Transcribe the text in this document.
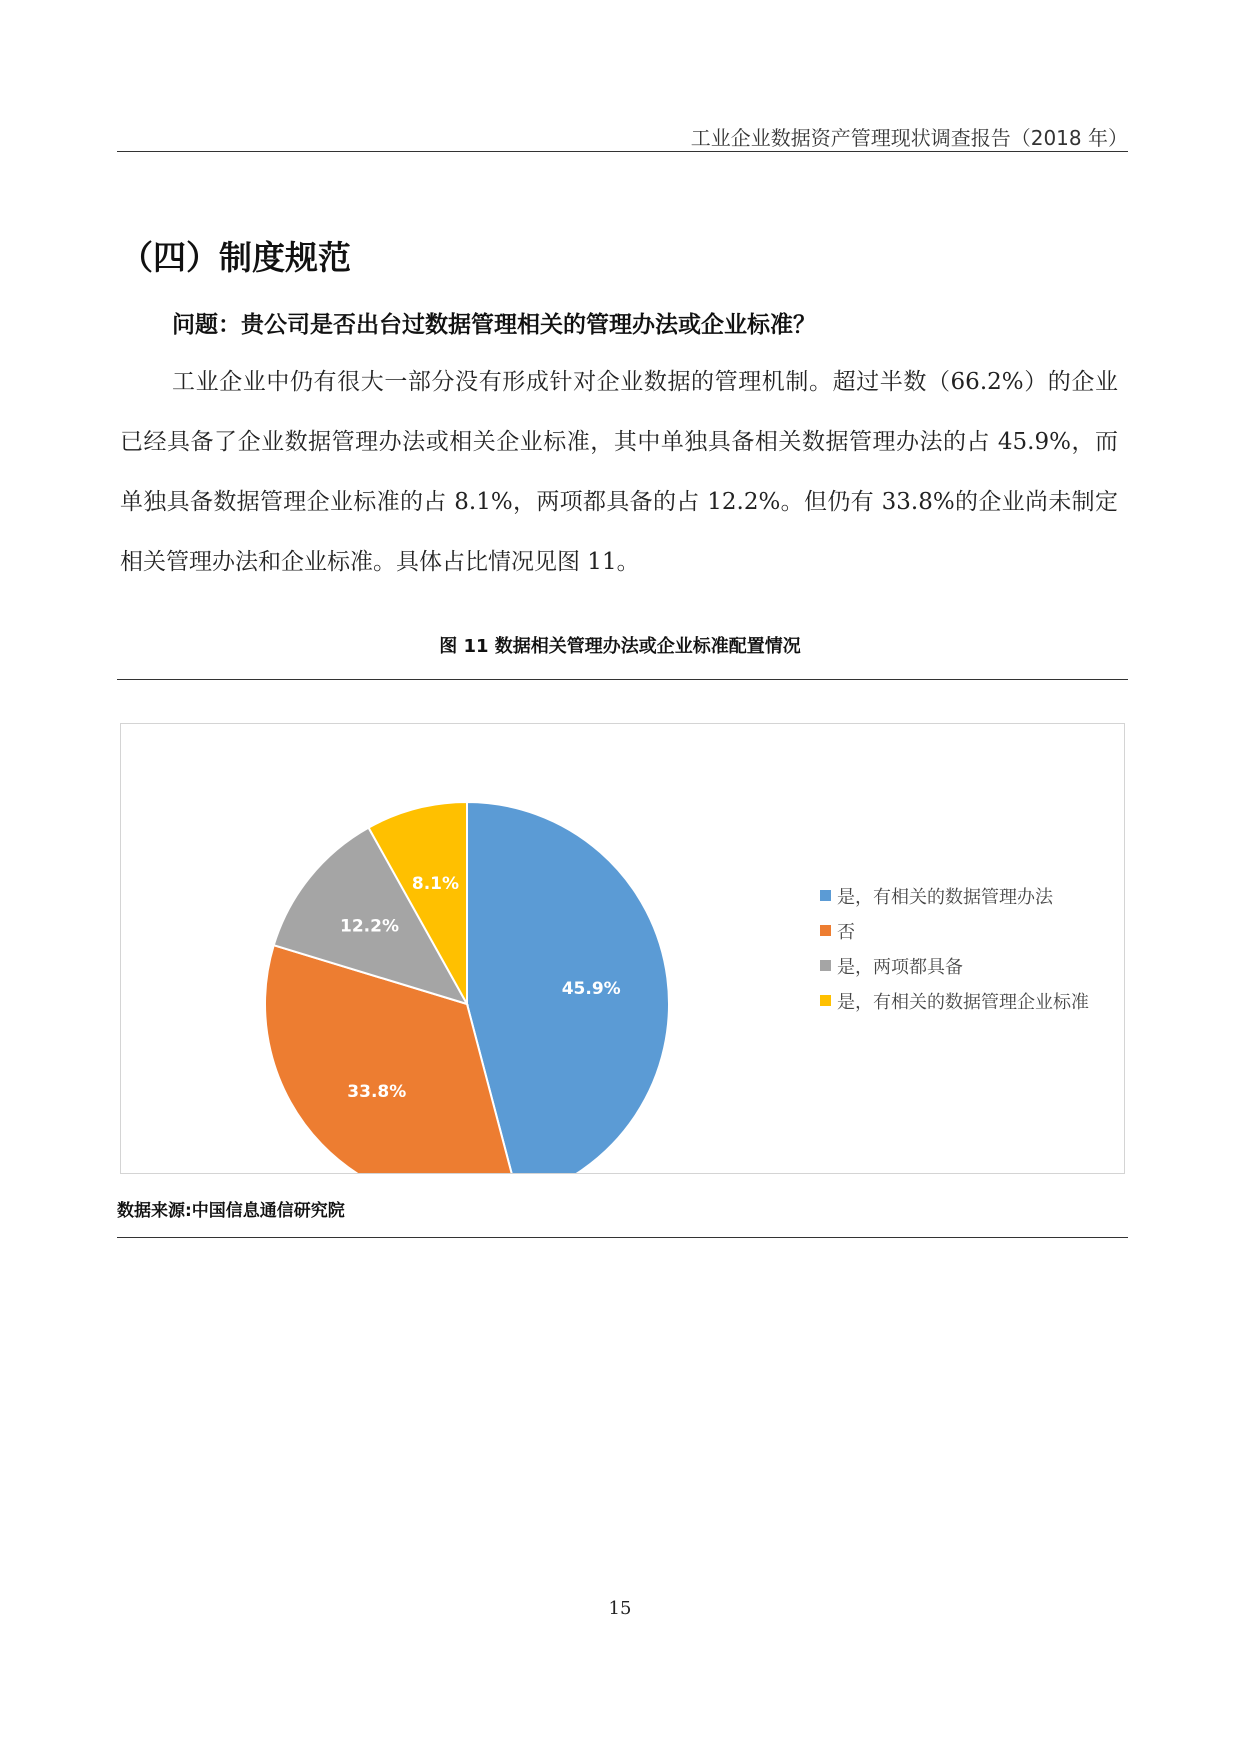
工业企业数据资产管理现状调查报告（2018 年）
（四）制度规范
问题：贵公司是否出台过数据管理相关的管理办法或企业标准？

工业企业中仍有很大一部分没有形成针对企业数据的管理机制。超过半数（66.2%）的企业已经具备了企业数据管理办法或相关企业标准，其中单独具备相关数据管理办法的占 45.9%，而单独具备数据管理企业标准的占 8.1%，两项都具备的占 12.2%。但仍有 33.8%的企业尚未制定相关管理办法和企业标准。具体占比情况见图 11。

图 11 数据相关管理办法或企业标准配置情况
45.9%
33.8%
12.2%
8.1%
是，有相关的数据管理办法
否
是，两项都具备
是，有相关的数据管理企业标准
数据来源:中国信息通信研究院
15
